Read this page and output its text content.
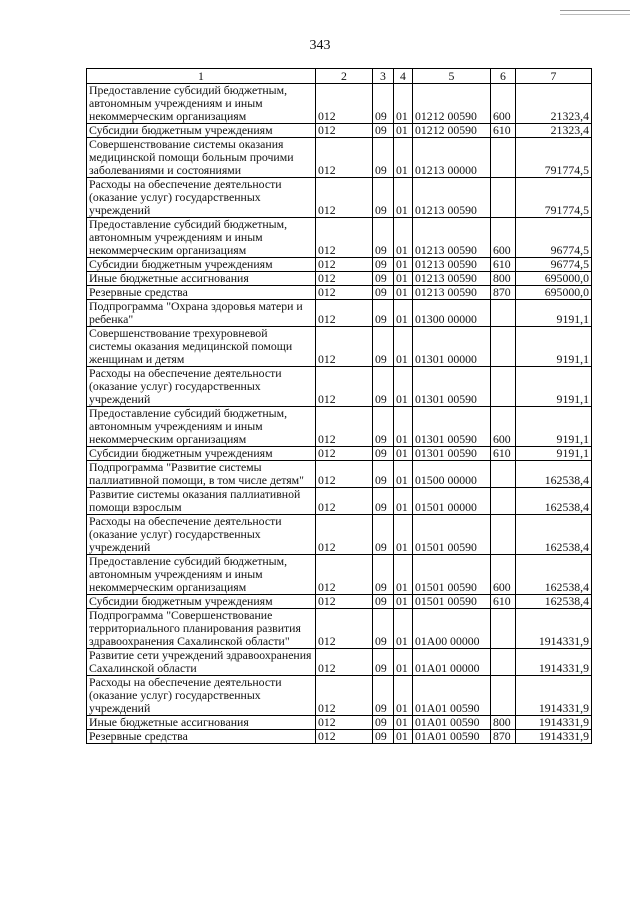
343
1	2	3	4	5	6	7
Предоставление субсидий бюджетным, автономным учреждениям и иным некоммерческим организациям	012	09	01	01212 00590	600	21323,4
Субсидии бюджетным учреждениям	012	09	01	01212 00590	610	21323,4
Совершенствование системы оказания медицинской помощи больным прочими заболеваниями и состояниями	012	09	01	01213 00000		791774,5
Расходы на обеспечение деятельности (оказание услуг) государственных учреждений	012	09	01	01213 00590		791774,5
Предоставление субсидий бюджетным, автономным учреждениям и иным некоммерческим организациям	012	09	01	01213 00590	600	96774,5
Субсидии бюджетным учреждениям	012	09	01	01213 00590	610	96774,5
Иные бюджетные ассигнования	012	09	01	01213 00590	800	695000,0
Резервные средства	012	09	01	01213 00590	870	695000,0
Подпрограмма "Охрана здоровья матери и ребенка"	012	09	01	01300 00000		9191,1
Совершенствование трехуровневой системы оказания медицинской помощи женщинам и детям	012	09	01	01301 00000		9191,1
Расходы на обеспечение деятельности (оказание услуг) государственных учреждений	012	09	01	01301 00590		9191,1
Предоставление субсидий бюджетным, автономным учреждениям и иным некоммерческим организациям	012	09	01	01301 00590	600	9191,1
Субсидии бюджетным учреждениям	012	09	01	01301 00590	610	9191,1
Подпрограмма "Развитие системы паллиативной помощи, в том числе детям"	012	09	01	01500 00000		162538,4
Развитие системы оказания паллиативной помощи взрослым	012	09	01	01501 00000		162538,4
Расходы на обеспечение деятельности (оказание услуг) государственных учреждений	012	09	01	01501 00590		162538,4
Предоставление субсидий бюджетным, автономным учреждениям и иным некоммерческим организациям	012	09	01	01501 00590	600	162538,4
Субсидии бюджетным учреждениям	012	09	01	01501 00590	610	162538,4
Подпрограмма "Совершенствование территориального планирования развития здравоохранения Сахалинской области"	012	09	01	01А00 00000		1914331,9
Развитие сети учреждений здравоохранения Сахалинской области	012	09	01	01А01 00000		1914331,9
Расходы на обеспечение деятельности (оказание услуг) государственных учреждений	012	09	01	01А01 00590		1914331,9
Иные бюджетные ассигнования	012	09	01	01А01 00590	800	1914331,9
Резервные средства	012	09	01	01А01 00590	870	1914331,9
